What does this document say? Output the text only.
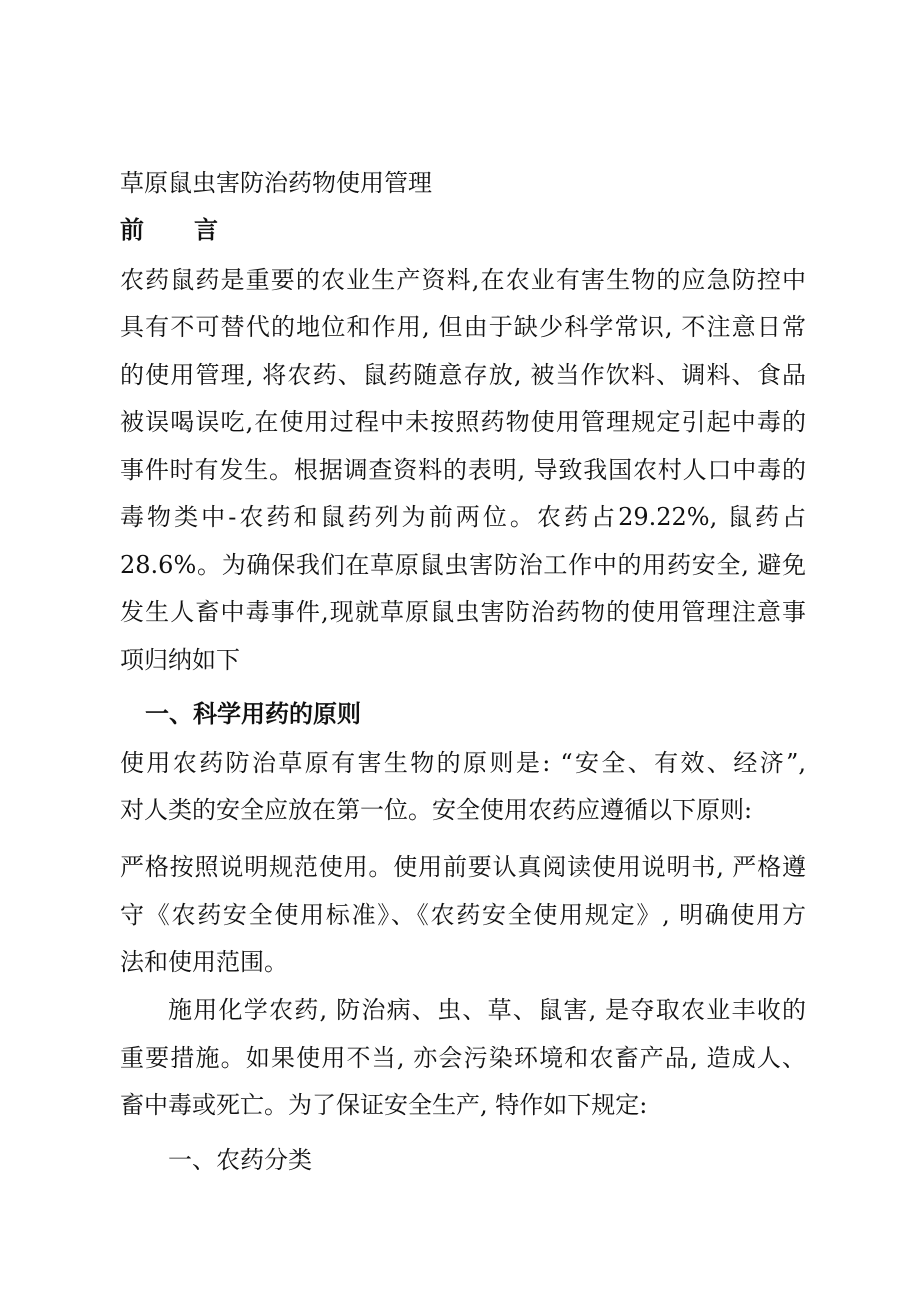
草原鼠虫害防治药物使用管理
前 言
农药鼠药是重要的农业生产资料,在农业有害生物的应急防控中
具有不可替代的地位和作用, 但由于缺少科学常识, 不注意日常
的使用管理, 将农药、鼠药随意存放, 被当作饮料、调料、食品
被误喝误吃,在使用过程中未按照药物使用管理规定引起中毒的
事件时有发生。根据调查资料的表明, 导致我国农村人口中毒的
毒物类中-农药和鼠药列为前两位。农药占29.22%, 鼠药占
28.6%。为确保我们在草原鼠虫害防治工作中的用药安全, 避免
发生人畜中毒事件,现就草原鼠虫害防治药物的使用管理注意事
项归纳如下
一、科学用药的原则
使用农药防治草原有害生物的原则是: “安全、有效、经济”,
对人类的安全应放在第一位。安全使用农药应遵循以下原则:
严格按照说明规范使用。使用前要认真阅读使用说明书, 严格遵
守《农药安全使用标准》、《农药安全使用规定》, 明确使用方
法和使用范围。
施用化学农药, 防治病、虫、草、鼠害, 是夺取农业丰收的
重要措施。如果使用不当, 亦会污染环境和农畜产品, 造成人、
畜中毒或死亡。为了保证安全生产, 特作如下规定:
一、农药分类
